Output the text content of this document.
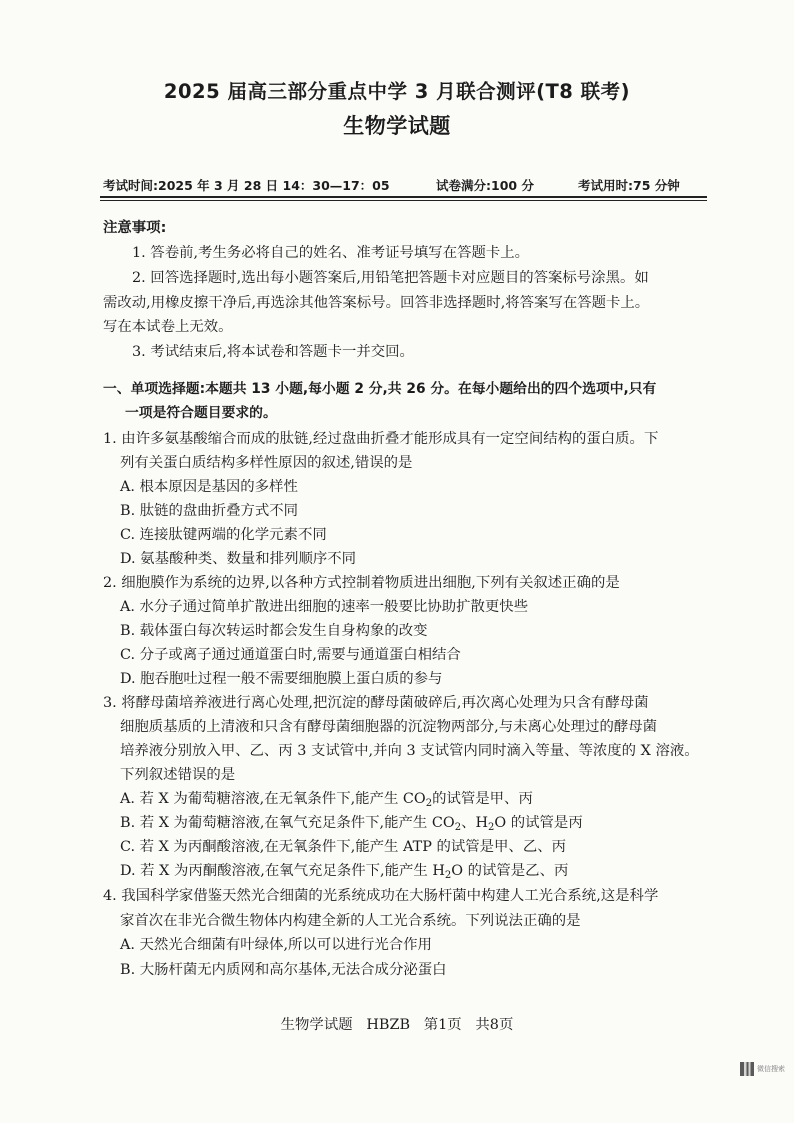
2025 届高三部分重点中学 3 月联合测评(T8 联考)
生物学试题
考试时间:2025 年 3 月 28 日 14：30—17：05	试卷满分:100 分	考试用时:75 分钟
注意事项:
1. 答卷前,考生务必将自己的姓名、准考证号填写在答题卡上。
2. 回答选择题时,选出每小题答案后,用铅笔把答题卡对应题目的答案标号涂黑。如
需改动,用橡皮擦干净后,再选涂其他答案标号。回答非选择题时,将答案写在答题卡上。
写在本试卷上无效。
3. 考试结束后,将本试卷和答题卡一并交回。
一、单项选择题:本题共 13 小题,每小题 2 分,共 26 分。在每小题给出的四个选项中,只有
一项是符合题目要求的。
1. 由许多氨基酸缩合而成的肽链,经过盘曲折叠才能形成具有一定空间结构的蛋白质。下
列有关蛋白质结构多样性原因的叙述,错误的是
A. 根本原因是基因的多样性
B. 肽链的盘曲折叠方式不同
C. 连接肽键两端的化学元素不同
D. 氨基酸种类、数量和排列顺序不同
2. 细胞膜作为系统的边界,以各种方式控制着物质进出细胞,下列有关叙述正确的是
A. 水分子通过简单扩散进出细胞的速率一般要比协助扩散更快些
B. 载体蛋白每次转运时都会发生自身构象的改变
C. 分子或离子通过通道蛋白时,需要与通道蛋白相结合
D. 胞吞胞吐过程一般不需要细胞膜上蛋白质的参与
3. 将酵母菌培养液进行离心处理,把沉淀的酵母菌破碎后,再次离心处理为只含有酵母菌
细胞质基质的上清液和只含有酵母菌细胞器的沉淀物两部分,与未离心处理过的酵母菌
培养液分别放入甲、乙、丙 3 支试管中,并向 3 支试管内同时滴入等量、等浓度的 X 溶液。
下列叙述错误的是
A. 若 X 为葡萄糖溶液,在无氧条件下,能产生 $CO_2$的试管是甲、丙
B. 若 X 为葡萄糖溶液,在氧气充足条件下,能产生 $CO_2$、$H_2O$ 的试管是丙
C. 若 X 为丙酮酸溶液,在无氧条件下,能产生 ATP 的试管是甲、乙、丙
D. 若 X 为丙酮酸溶液,在氧气充足条件下,能产生 $H_2O$ 的试管是乙、丙
4. 我国科学家借鉴天然光合细菌的光系统成功在大肠杆菌中构建人工光合系统,这是科学
家首次在非光合微生物体内构建全新的人工光合系统。下列说法正确的是
A. 天然光合细菌有叶绿体,所以可以进行光合作用
B. 大肠杆菌无内质网和高尔基体,无法合成分泌蛋白
生物学试题   HBZB   第1页   共8页
微信搜索
